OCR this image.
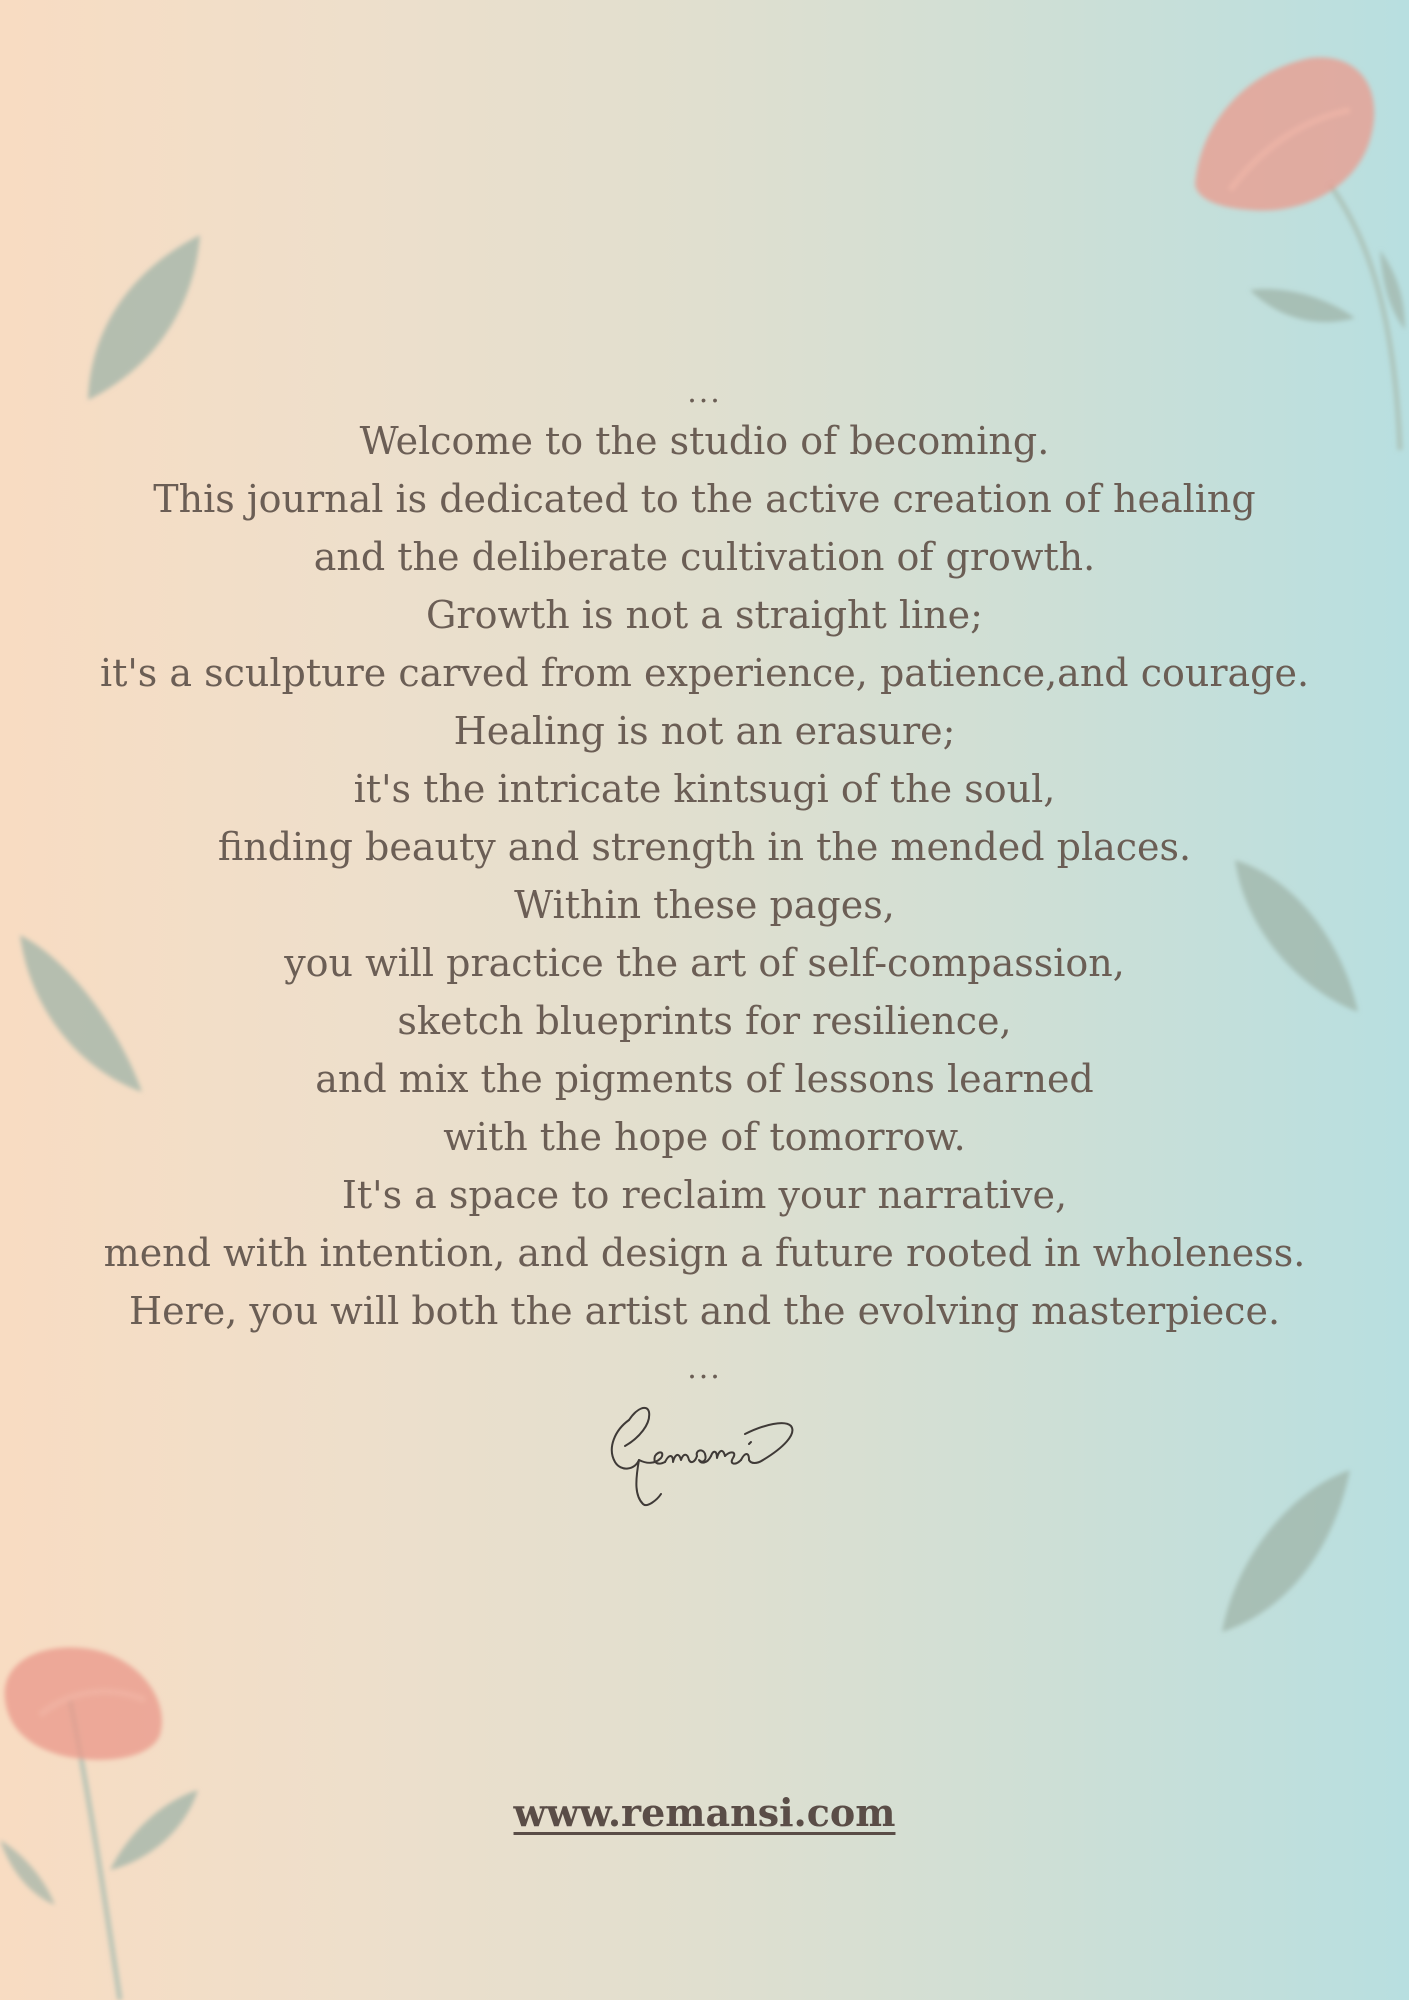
...
Welcome to the studio of becoming.
This journal is dedicated to the active creation of healing
and the deliberate cultivation of growth.
Growth is not a straight line;
it's a sculpture carved from experience, patience,and courage.
Healing is not an erasure;
it's the intricate kintsugi of the soul,
finding beauty and strength in the mended places.
Within these pages,
you will practice the art of self-compassion,
sketch blueprints for resilience,
and mix the pigments of lessons learned
with the hope of tomorrow.
It's a space to reclaim your narrative,
mend with intention, and design a future rooted in wholeness.
Here, you will both the artist and the evolving masterpiece.
...
www.remansi.com
